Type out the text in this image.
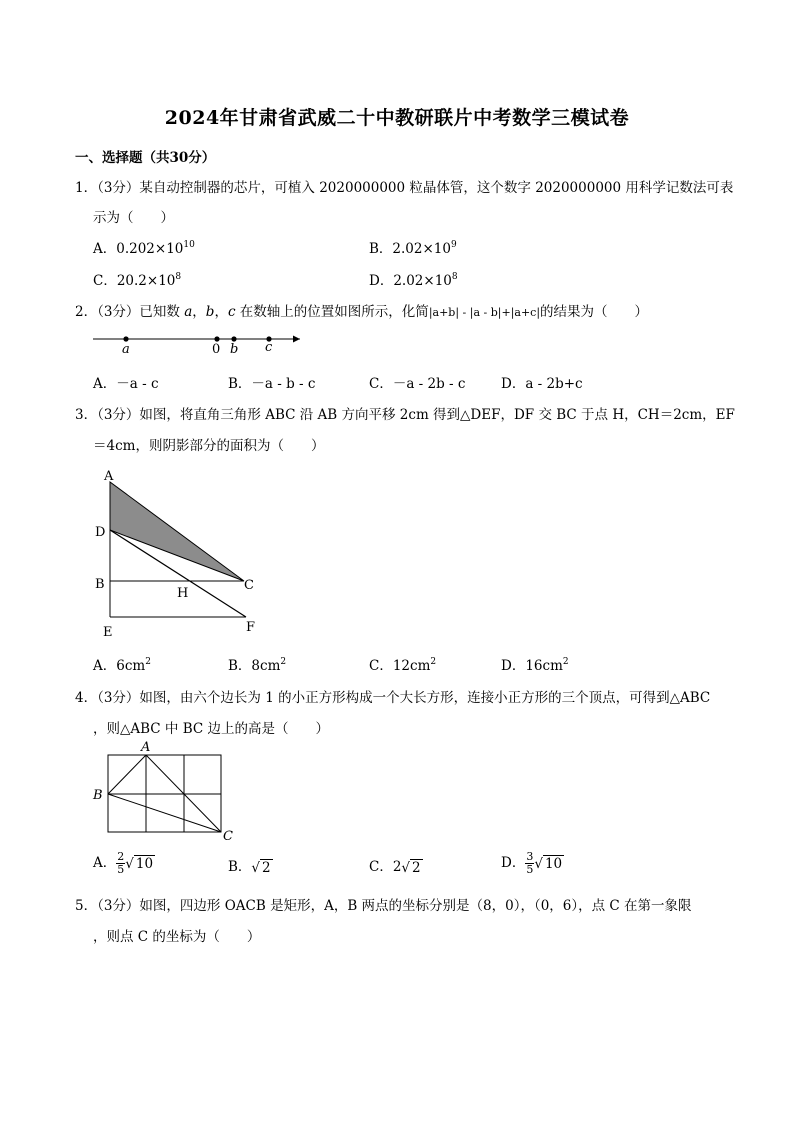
2024年甘肃省武威二十中教研联片中考数学三模试卷
一、选择题（共30分）
1．（3分）某自动控制器的芯片，可植入 2020000000 粒晶体管，这个数字 2020000000 用科学记数法可表
示为（　　）
A．$0.202\times 10^{10}$	B．$2.02\times 10^9$
C．$20.2\times 10^8$	D．$2.02\times 10^8$
2．（3分）已知数 a，b，c 在数轴上的位置如图所示，化简|a+b| - |a - b|+|a+c|的结果为（　　）
a	0 b c
A．－a - c	B．－a - b - c	C．－a - 2b - c	D．a - 2b+c
3．（3分）如图，将直角三角形 ABC 沿 AB 方向平移 2cm 得到△DEF，DF 交 BC 于点 H，CH＝2cm，EF
＝4cm，则阴影部分的面积为（　　）
A
D
B
H
C
E	F
A．$6cm^2$	B．$8cm^2$	C．$12cm^2$	D．$16cm^2$
4．（3分）如图，由六个边长为 1 的小正方形构成一个大长方形，连接小正方形的三个顶点，可得到△ABC
，则△ABC 中 BC 边上的高是（　　）
A
B
C
A． $\frac{2}{5}$ √ 10	B．√ 2	C．2√ 2	D． $\frac{3}{5}$ √ 10
5．（3分）如图，四边形 OACB 是矩形，A，B 两点的坐标分别是（8，0），（0，6），点 C 在第一象限
，则点 C 的坐标为（　　）
